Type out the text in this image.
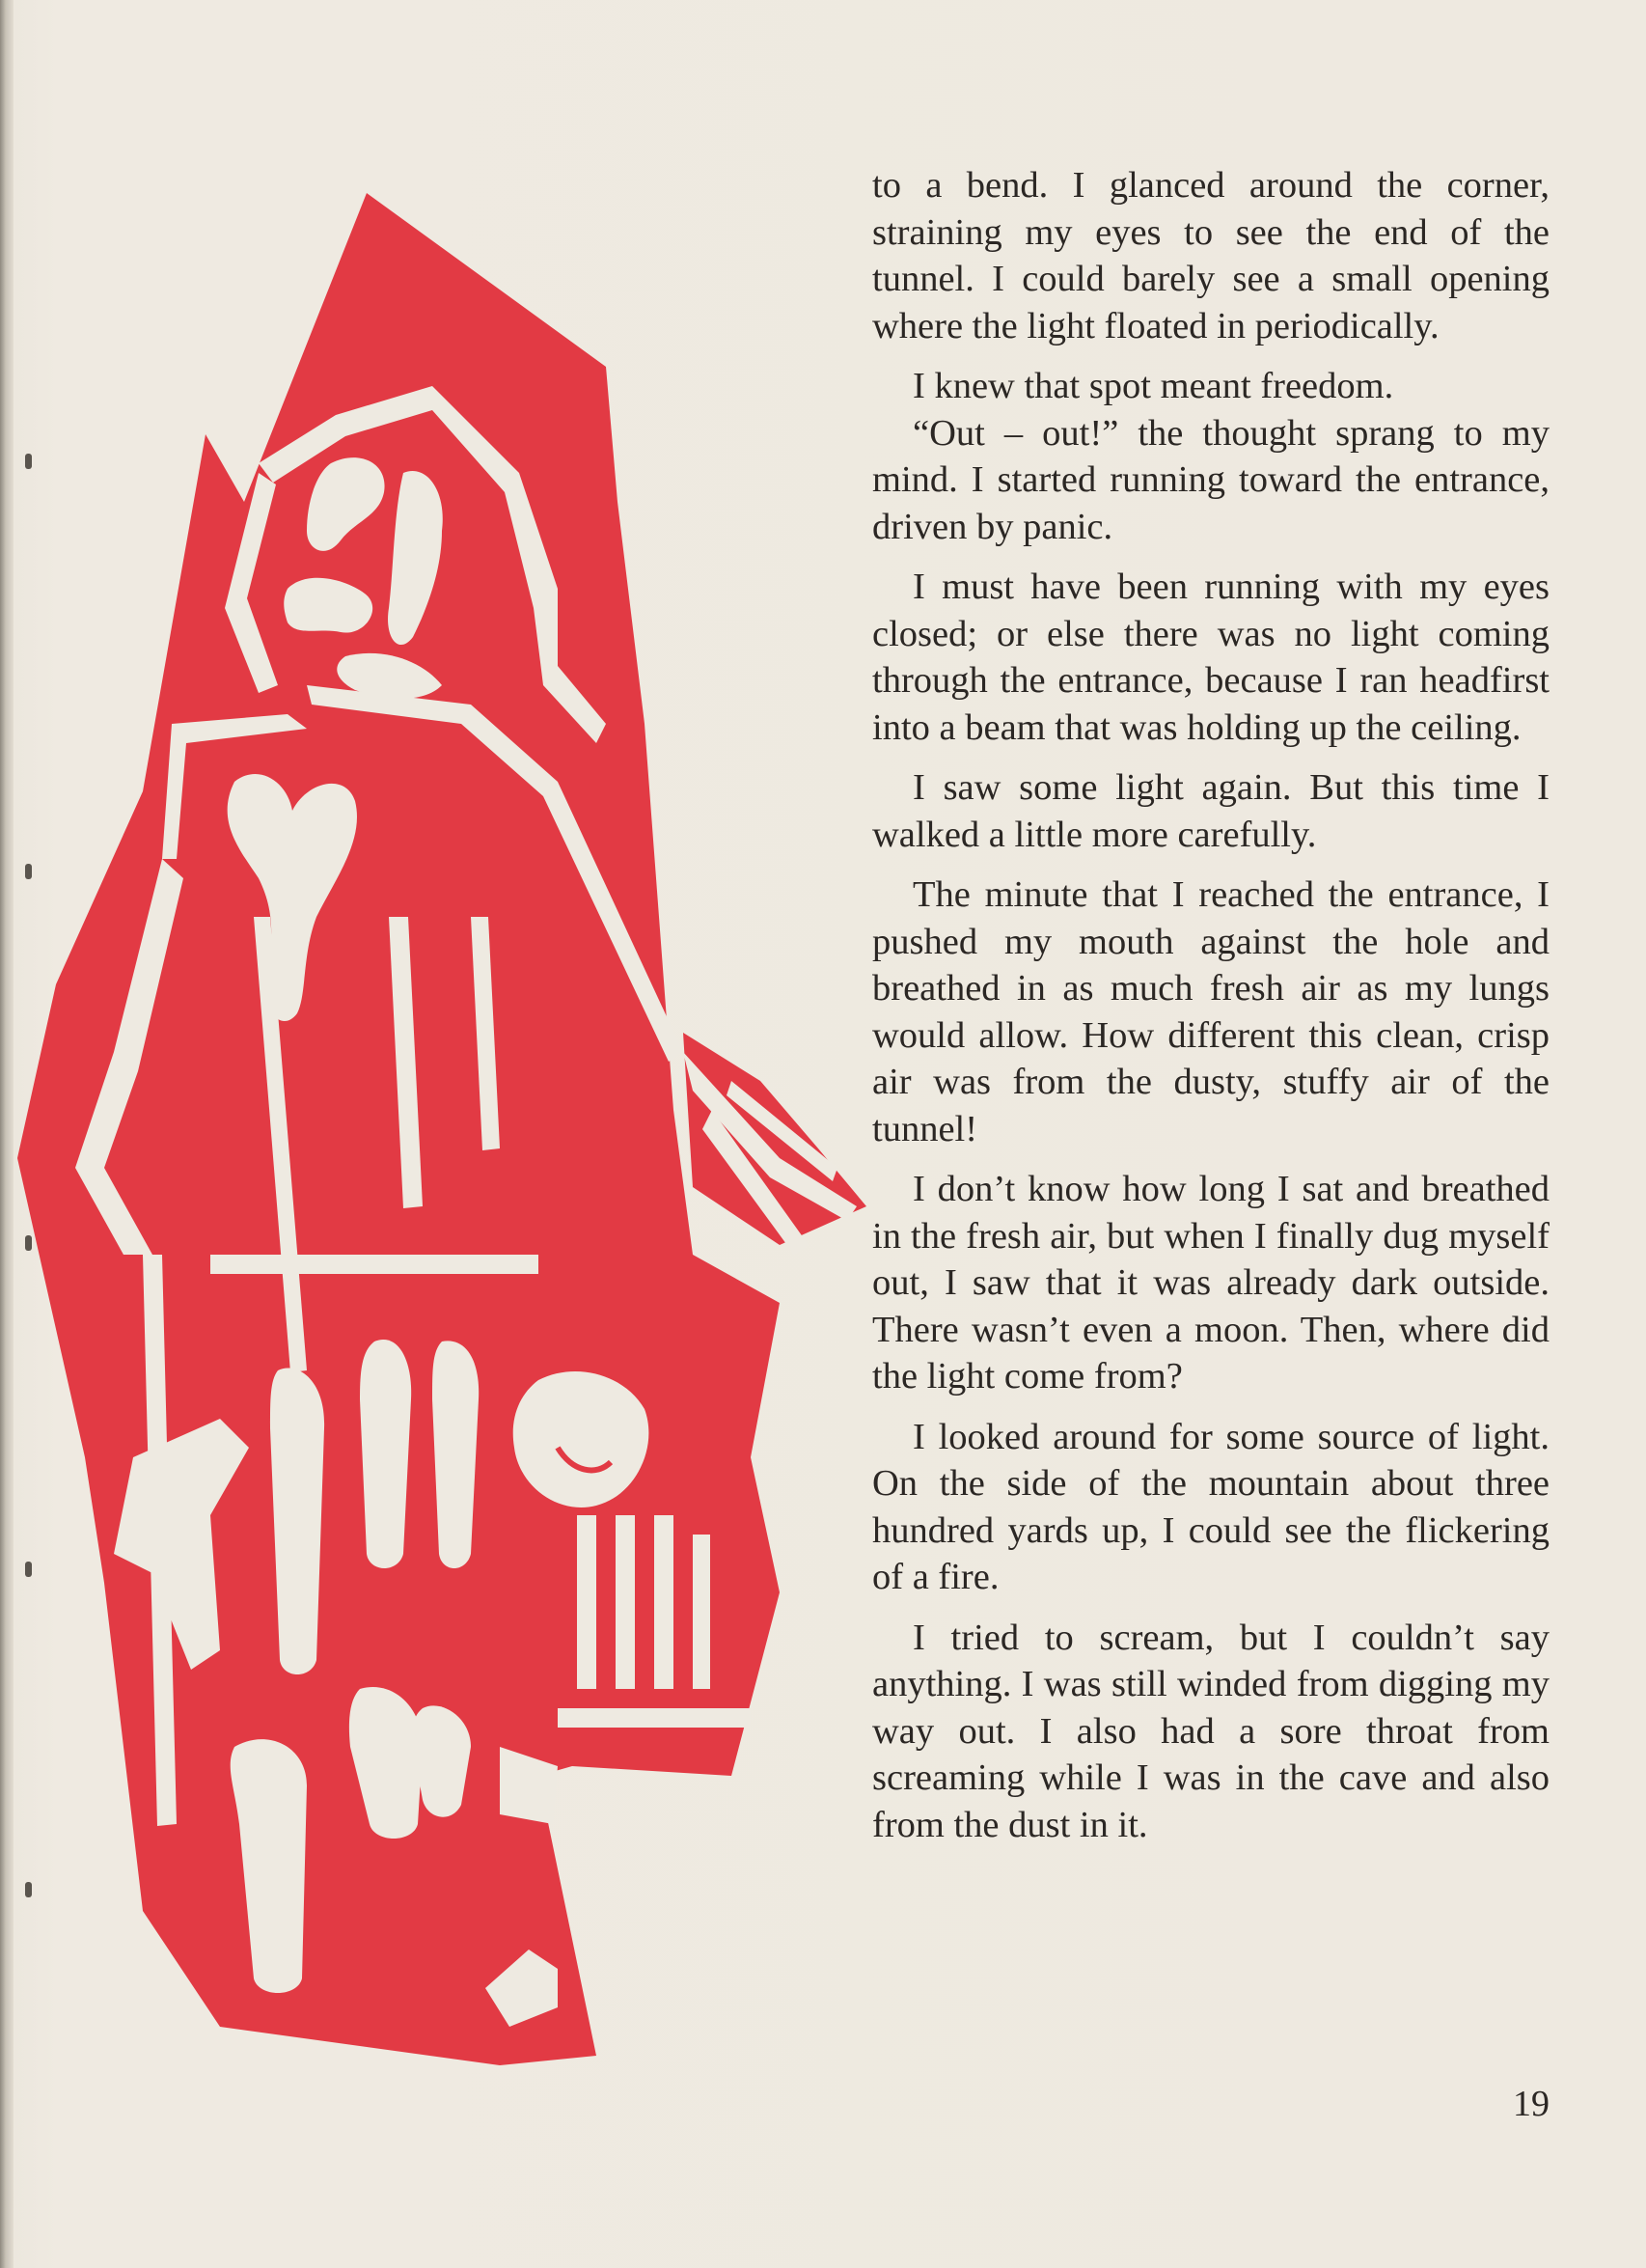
to a bend. I glanced around the corner, straining my eyes to see the end of the tunnel. I could barely see a small opening where the light floated in periodically.

I knew that spot meant freedom.

“Out – out!” the thought sprang to my mind. I started running toward the entrance, driven by panic.

I must have been running with my eyes closed; or else there was no light coming through the entrance, because I ran headfirst into a beam that was holding up the ceiling.

I saw some light again. But this time I walked a little more carefully.

The minute that I reached the entrance, I pushed my mouth against the hole and breathed in as much fresh air as my lungs would allow. How different this clean, crisp air was from the dusty, stuffy air of the tunnel!

I don’t know how long I sat and breathed in the fresh air, but when I finally dug myself out, I saw that it was already dark outside. There wasn’t even a moon. Then, where did the light come from?

I looked around for some source of light. On the side of the mountain about three hundred yards up, I could see the flickering of a fire.

I tried to scream, but I couldn’t say anything. I was still winded from digging my way out. I also had a sore throat from screaming while I was in the cave and also from the dust in it.

19
